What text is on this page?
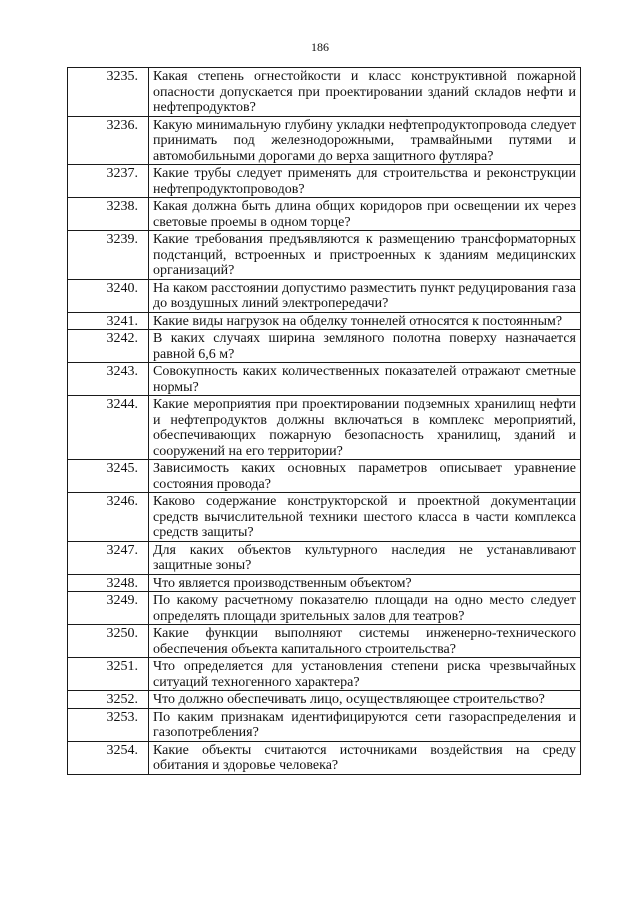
186
3235.	Какая степень огнестойкости и класс конструктивной пожарной опасности допускается при проектировании зданий складов нефти и нефтепродуктов?
3236.	Какую минимальную глубину укладки нефтепродуктопровода следует принимать под железнодорожными, трамвайными путями и автомобильными дорогами до верха защитного футляра?
3237.	Какие трубы следует применять для строительства и реконструкции нефтепродуктопроводов?
3238.	Какая должна быть длина общих коридоров при освещении их через световые проемы в одном торце?
3239.	Какие требования предъявляются к размещению трансформаторных подстанций, встроенных и пристроенных к зданиям медицинских организаций?
3240.	На каком расстоянии допустимо разместить пункт редуцирования газа до воздушных линий электропередачи?
3241.	Какие виды нагрузок на обделку тоннелей относятся к постоянным?
3242.	В каких случаях ширина земляного полотна поверху назначается равной 6,6 м?
3243.	Совокупность каких количественных показателей отражают сметные нормы?
3244.	Какие мероприятия при проектировании подземных хранилищ нефти и нефтепродуктов должны включаться в комплекс мероприятий, обеспечивающих пожарную безопасность хранилищ, зданий и сооружений на его территории?
3245.	Зависимость каких основных параметров описывает уравнение состояния провода?
3246.	Каково содержание конструкторской и проектной документации средств вычислительной техники шестого класса в части комплекса средств защиты?
3247.	Для каких объектов культурного наследия не устанавливают защитные зоны?
3248.	Что является производственным объектом?
3249.	По какому расчетному показателю площади на одно место следует определять площади зрительных залов для театров?
3250.	Какие функции выполняют системы инженерно-технического обеспечения объекта капитального строительства?
3251.	Что определяется для установления степени риска чрезвычайных ситуаций техногенного характера?
3252.	Что должно обеспечивать лицо, осуществляющее строительство?
3253.	По каким признакам идентифицируются сети газораспределения и газопотребления?
3254.	Какие объекты считаются источниками воздействия на среду обитания и здоровье человека?
